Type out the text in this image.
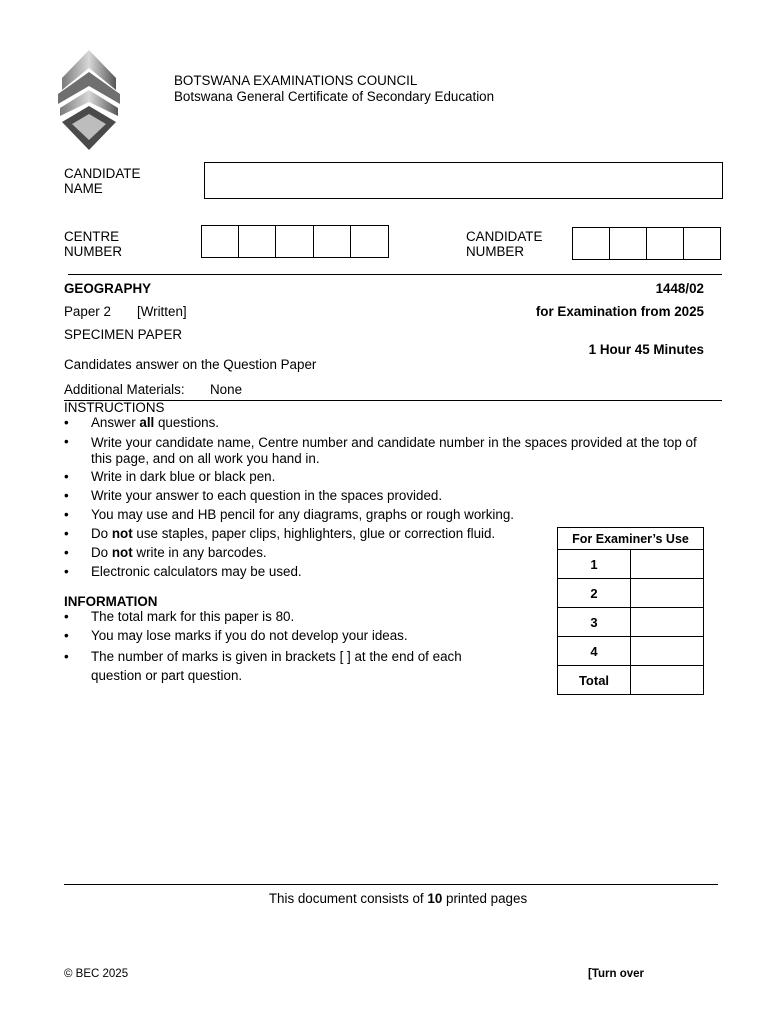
BOTSWANA EXAMINATIONS COUNCIL
Botswana General Certificate of Secondary Education
CANDIDATE
NAME
CENTRE
NUMBER
CANDIDATE
NUMBER
GEOGRAPHY	1448/02
Paper 2 [Written]	for Examination from 2025
SPECIMEN PAPER
1 Hour 45 Minutes
Candidates answer on the Question Paper
Additional Materials: None
INSTRUCTIONS
• Answer all questions.
• Write your candidate name, Centre number and candidate number in the spaces provided at the top of this page, and on all work you hand in.
• Write in dark blue or black pen.
• Write your answer to each question in the spaces provided.
• You may use and HB pencil for any diagrams, graphs or rough working.
• Do not use staples, paper clips, highlighters, glue or correction fluid.
• Do not write in any barcodes.
• Electronic calculators may be used.
INFORMATION
• The total mark for this paper is 80.
• You may lose marks if you do not develop your ideas.
• The number of marks is given in brackets [ ] at the end of each question or part question.
For Examiner’s Use	
1	
2	
3	
4	
Total	
This document consists of 10 printed pages
© BEC 2025	[Turn over
